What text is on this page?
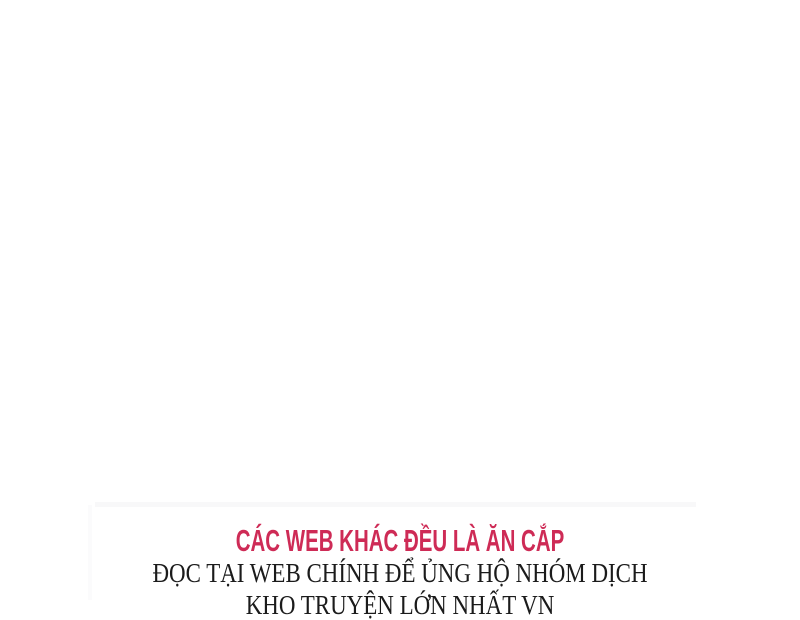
CÁC WEB KHÁC ĐỀU LÀ ĂN CẮP
ĐỌC TẠI WEB CHÍNH ĐỂ ỦNG HỘ NHÓM DỊCH
KHO TRUYỆN LỚN NHẤT VN
